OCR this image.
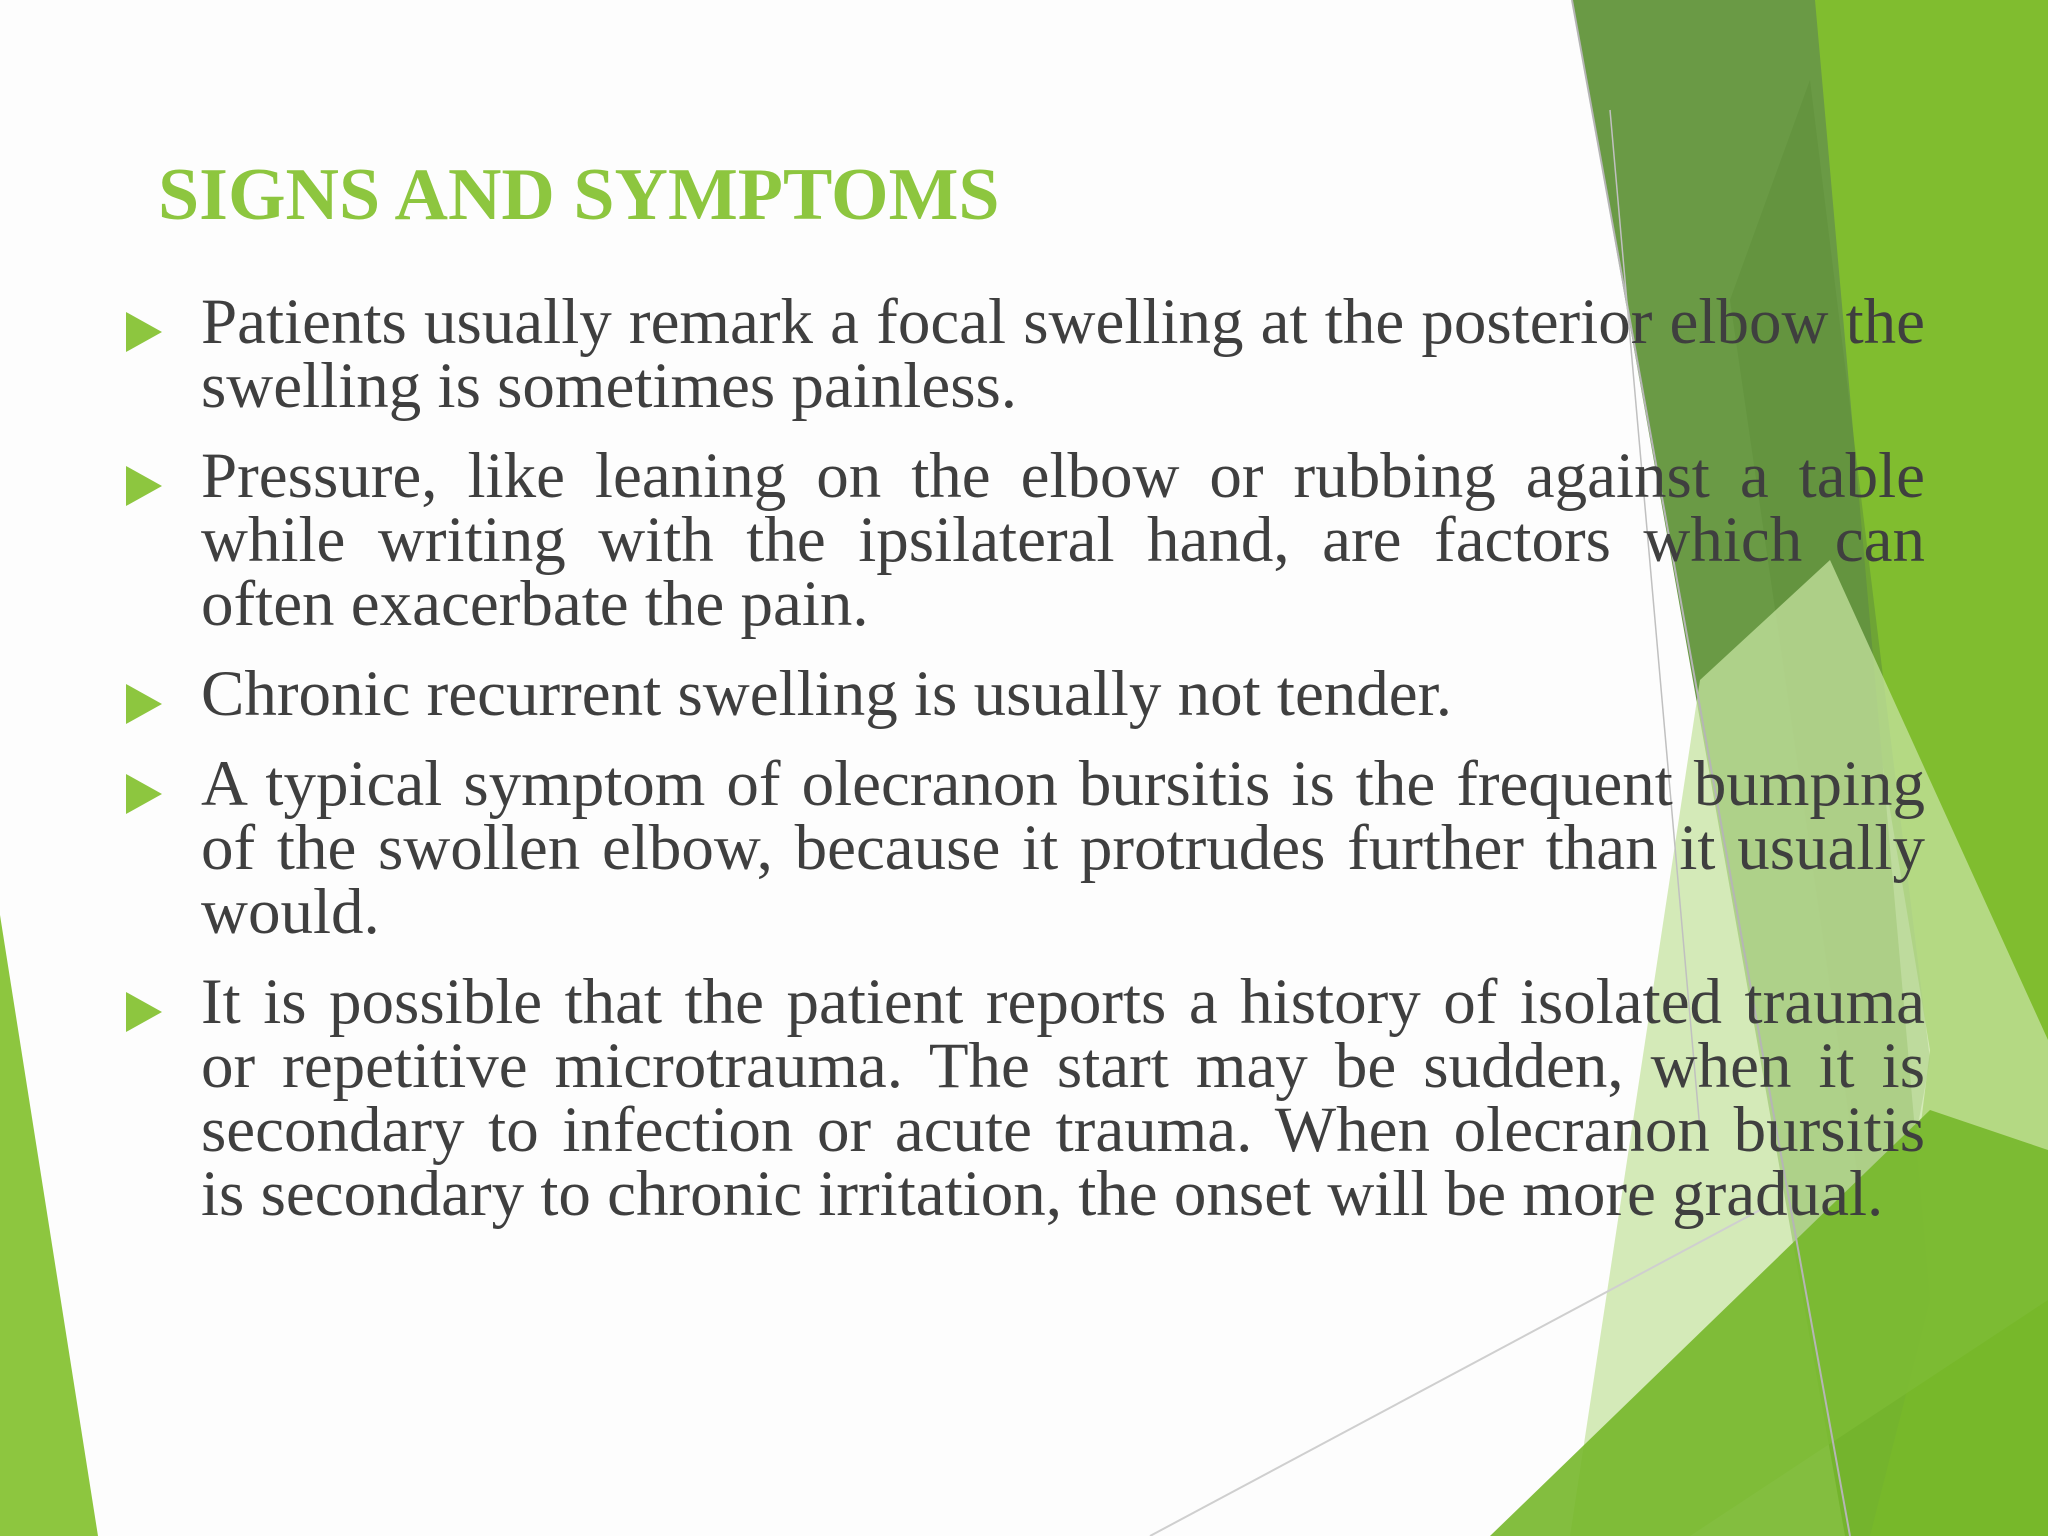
SIGNS AND SYMPTOMS
Patients usually remark a focal swelling at the posterior elbow the swelling is sometimes painless.
Pressure, like leaning on the elbow or rubbing against a table while writing with the ipsilateral hand, are factors which can often exacerbate the pain.
Chronic recurrent swelling is usually not tender.
A typical symptom of olecranon bursitis is the frequent bumping of the swollen elbow, because it protrudes further than it usually would.
It is possible that the patient reports a history of isolated trauma or repetitive microtrauma. The start may be sudden, when it is secondary to infection or acute trauma. When olecranon bursitis is secondary to chronic irritation, the onset will be more gradual.
